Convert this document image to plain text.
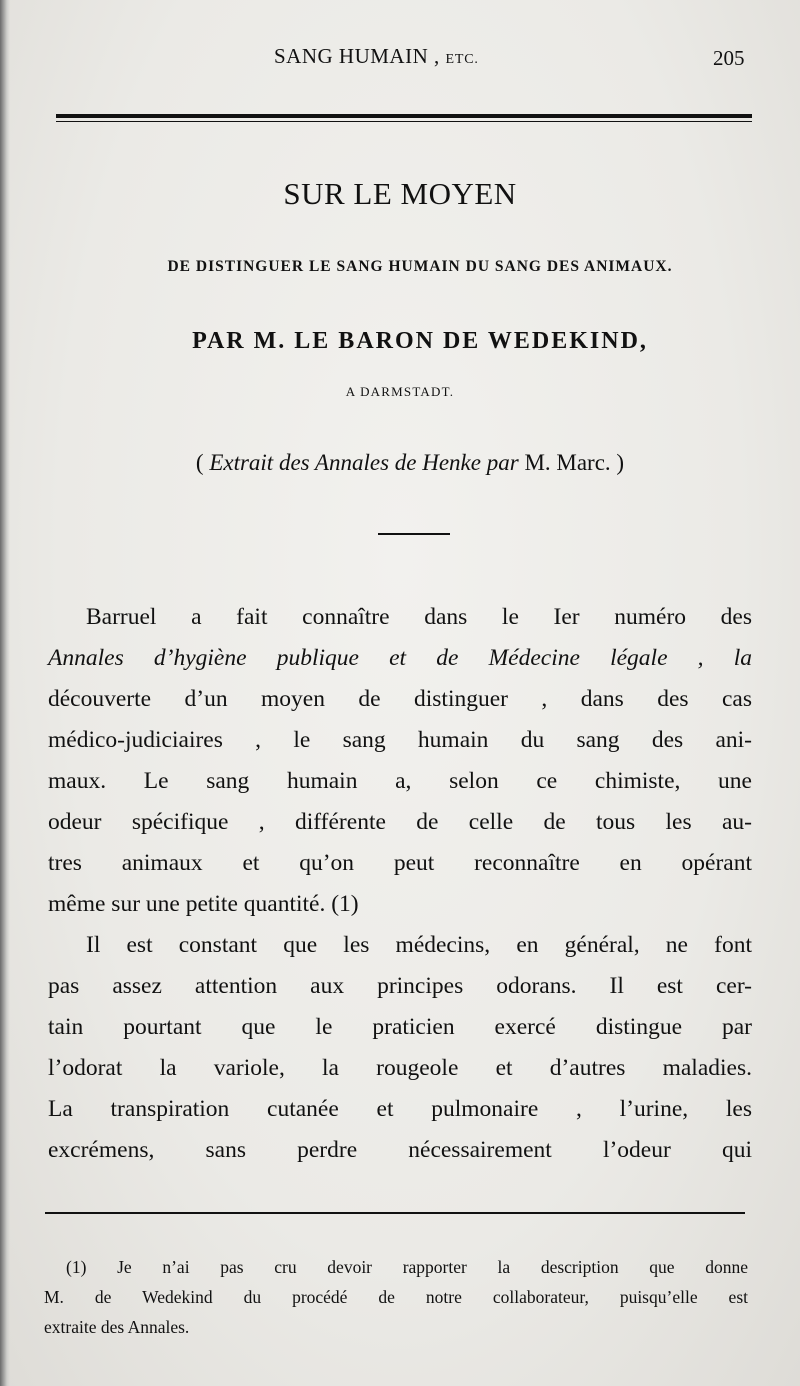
SANG HUMAIN , ETC.	205
SUR LE MOYEN
DE DISTINGUER LE SANG HUMAIN DU SANG DES ANIMAUX.
PAR M. LE BARON DE WEDEKIND,
A DARMSTADT.
( Extrait des Annales de Henke par M. Marc. )
Barruel a fait connaître dans le Ier numéro des
Annales d’hygiène publique et de Médecine légale , la
découverte d’un moyen de distinguer , dans des cas
médico-judiciaires , le sang humain du sang des ani-
maux. Le sang humain a, selon ce chimiste, une
odeur spécifique , différente de celle de tous les au-
tres animaux et qu’on peut reconnaître en opérant
même sur une petite quantité. (1)
Il est constant que les médecins, en général, ne font
pas assez attention aux principes odorans. Il est cer-
tain pourtant que le praticien exercé distingue par
l’odorat la variole, la rougeole et d’autres maladies.
La transpiration cutanée et pulmonaire , l’urine, les
excrémens, sans perdre nécessairement l’odeur qui
(1) Je n’ai pas cru devoir rapporter la description que donne
M. de Wedekind du procédé de notre collaborateur, puisqu’elle est
extraite des Annales.
